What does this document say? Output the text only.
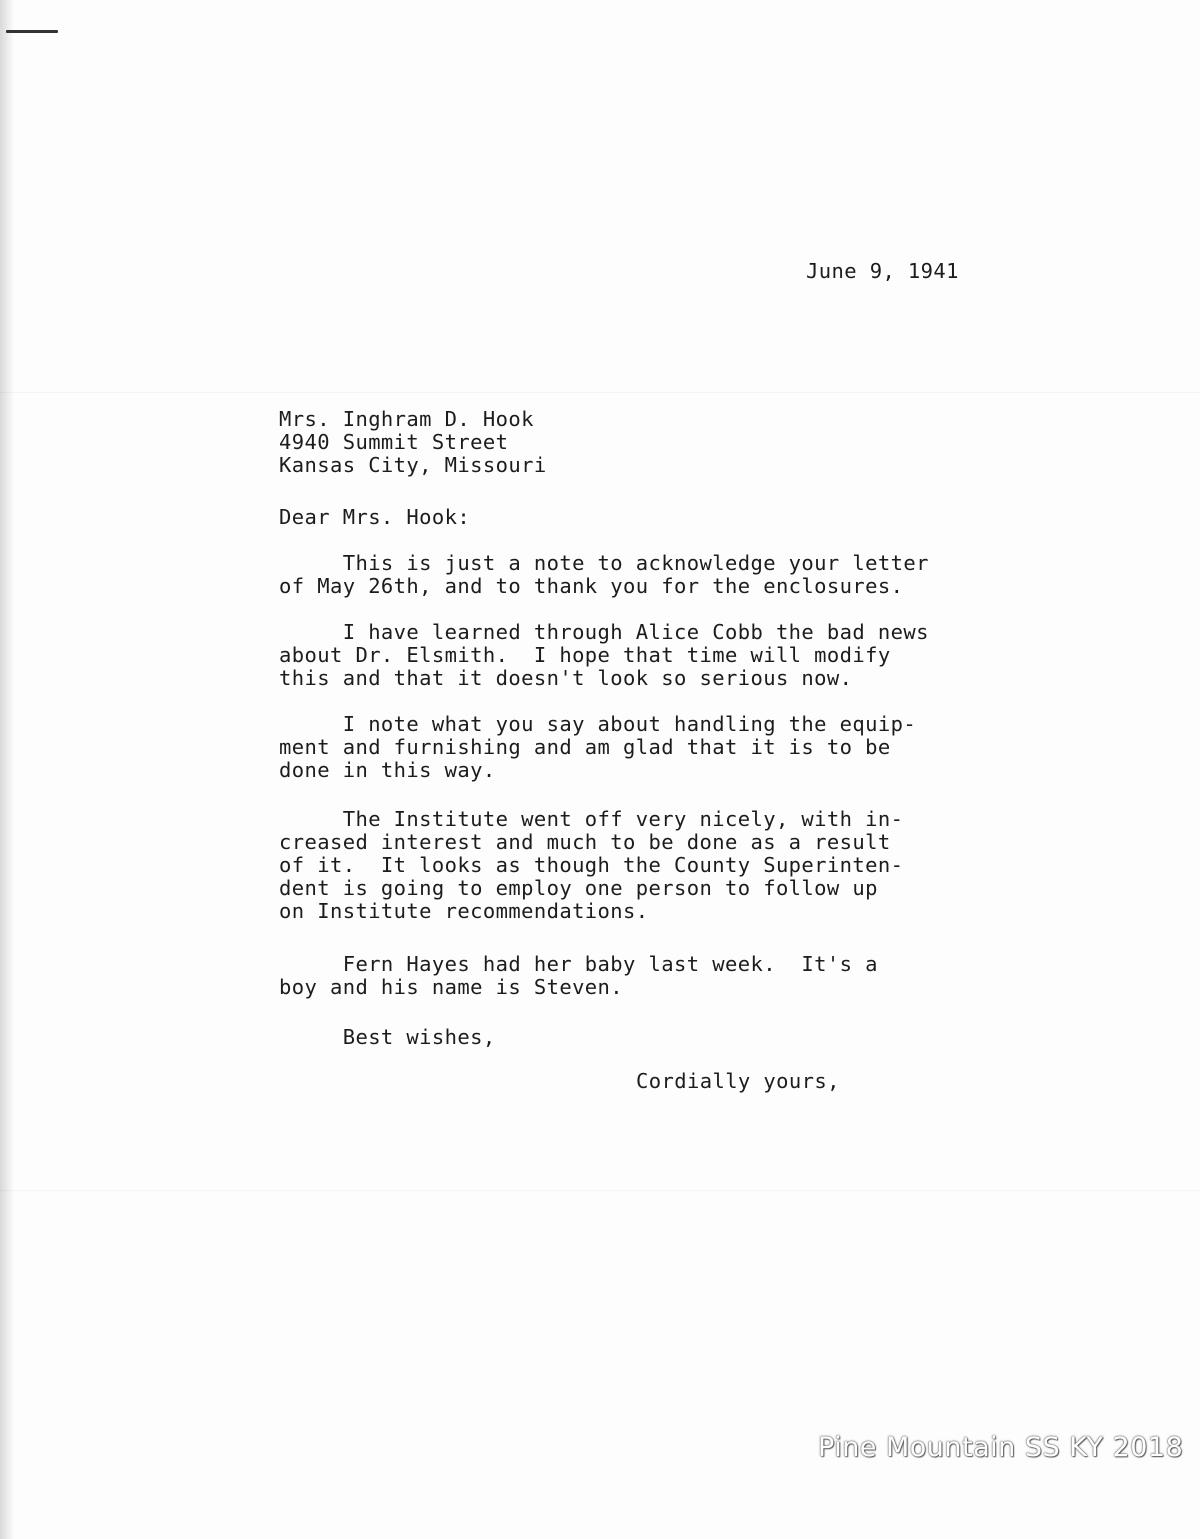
June 9, 1941

Mrs. Inghram D. Hook
4940 Summit Street
Kansas City, Missouri

Dear Mrs. Hook:

This is just a note to acknowledge your letter
of May 26th, and to thank you for the enclosures.

I have learned through Alice Cobb the bad news
about Dr. Elsmith.  I hope that time will modify
this and that it doesn't look so serious now.

I note what you say about handling the equip-
ment and furnishing and am glad that it is to be
done in this way.

The Institute went off very nicely, with in-
creased interest and much to be done as a result
of it.  It looks as though the County Superinten-
dent is going to employ one person to follow up
on Institute recommendations.

Fern Hayes had her baby last week.  It's a
boy and his name is Steven.

Best wishes,

Cordially yours,

Pine Mountain SS KY 2018
